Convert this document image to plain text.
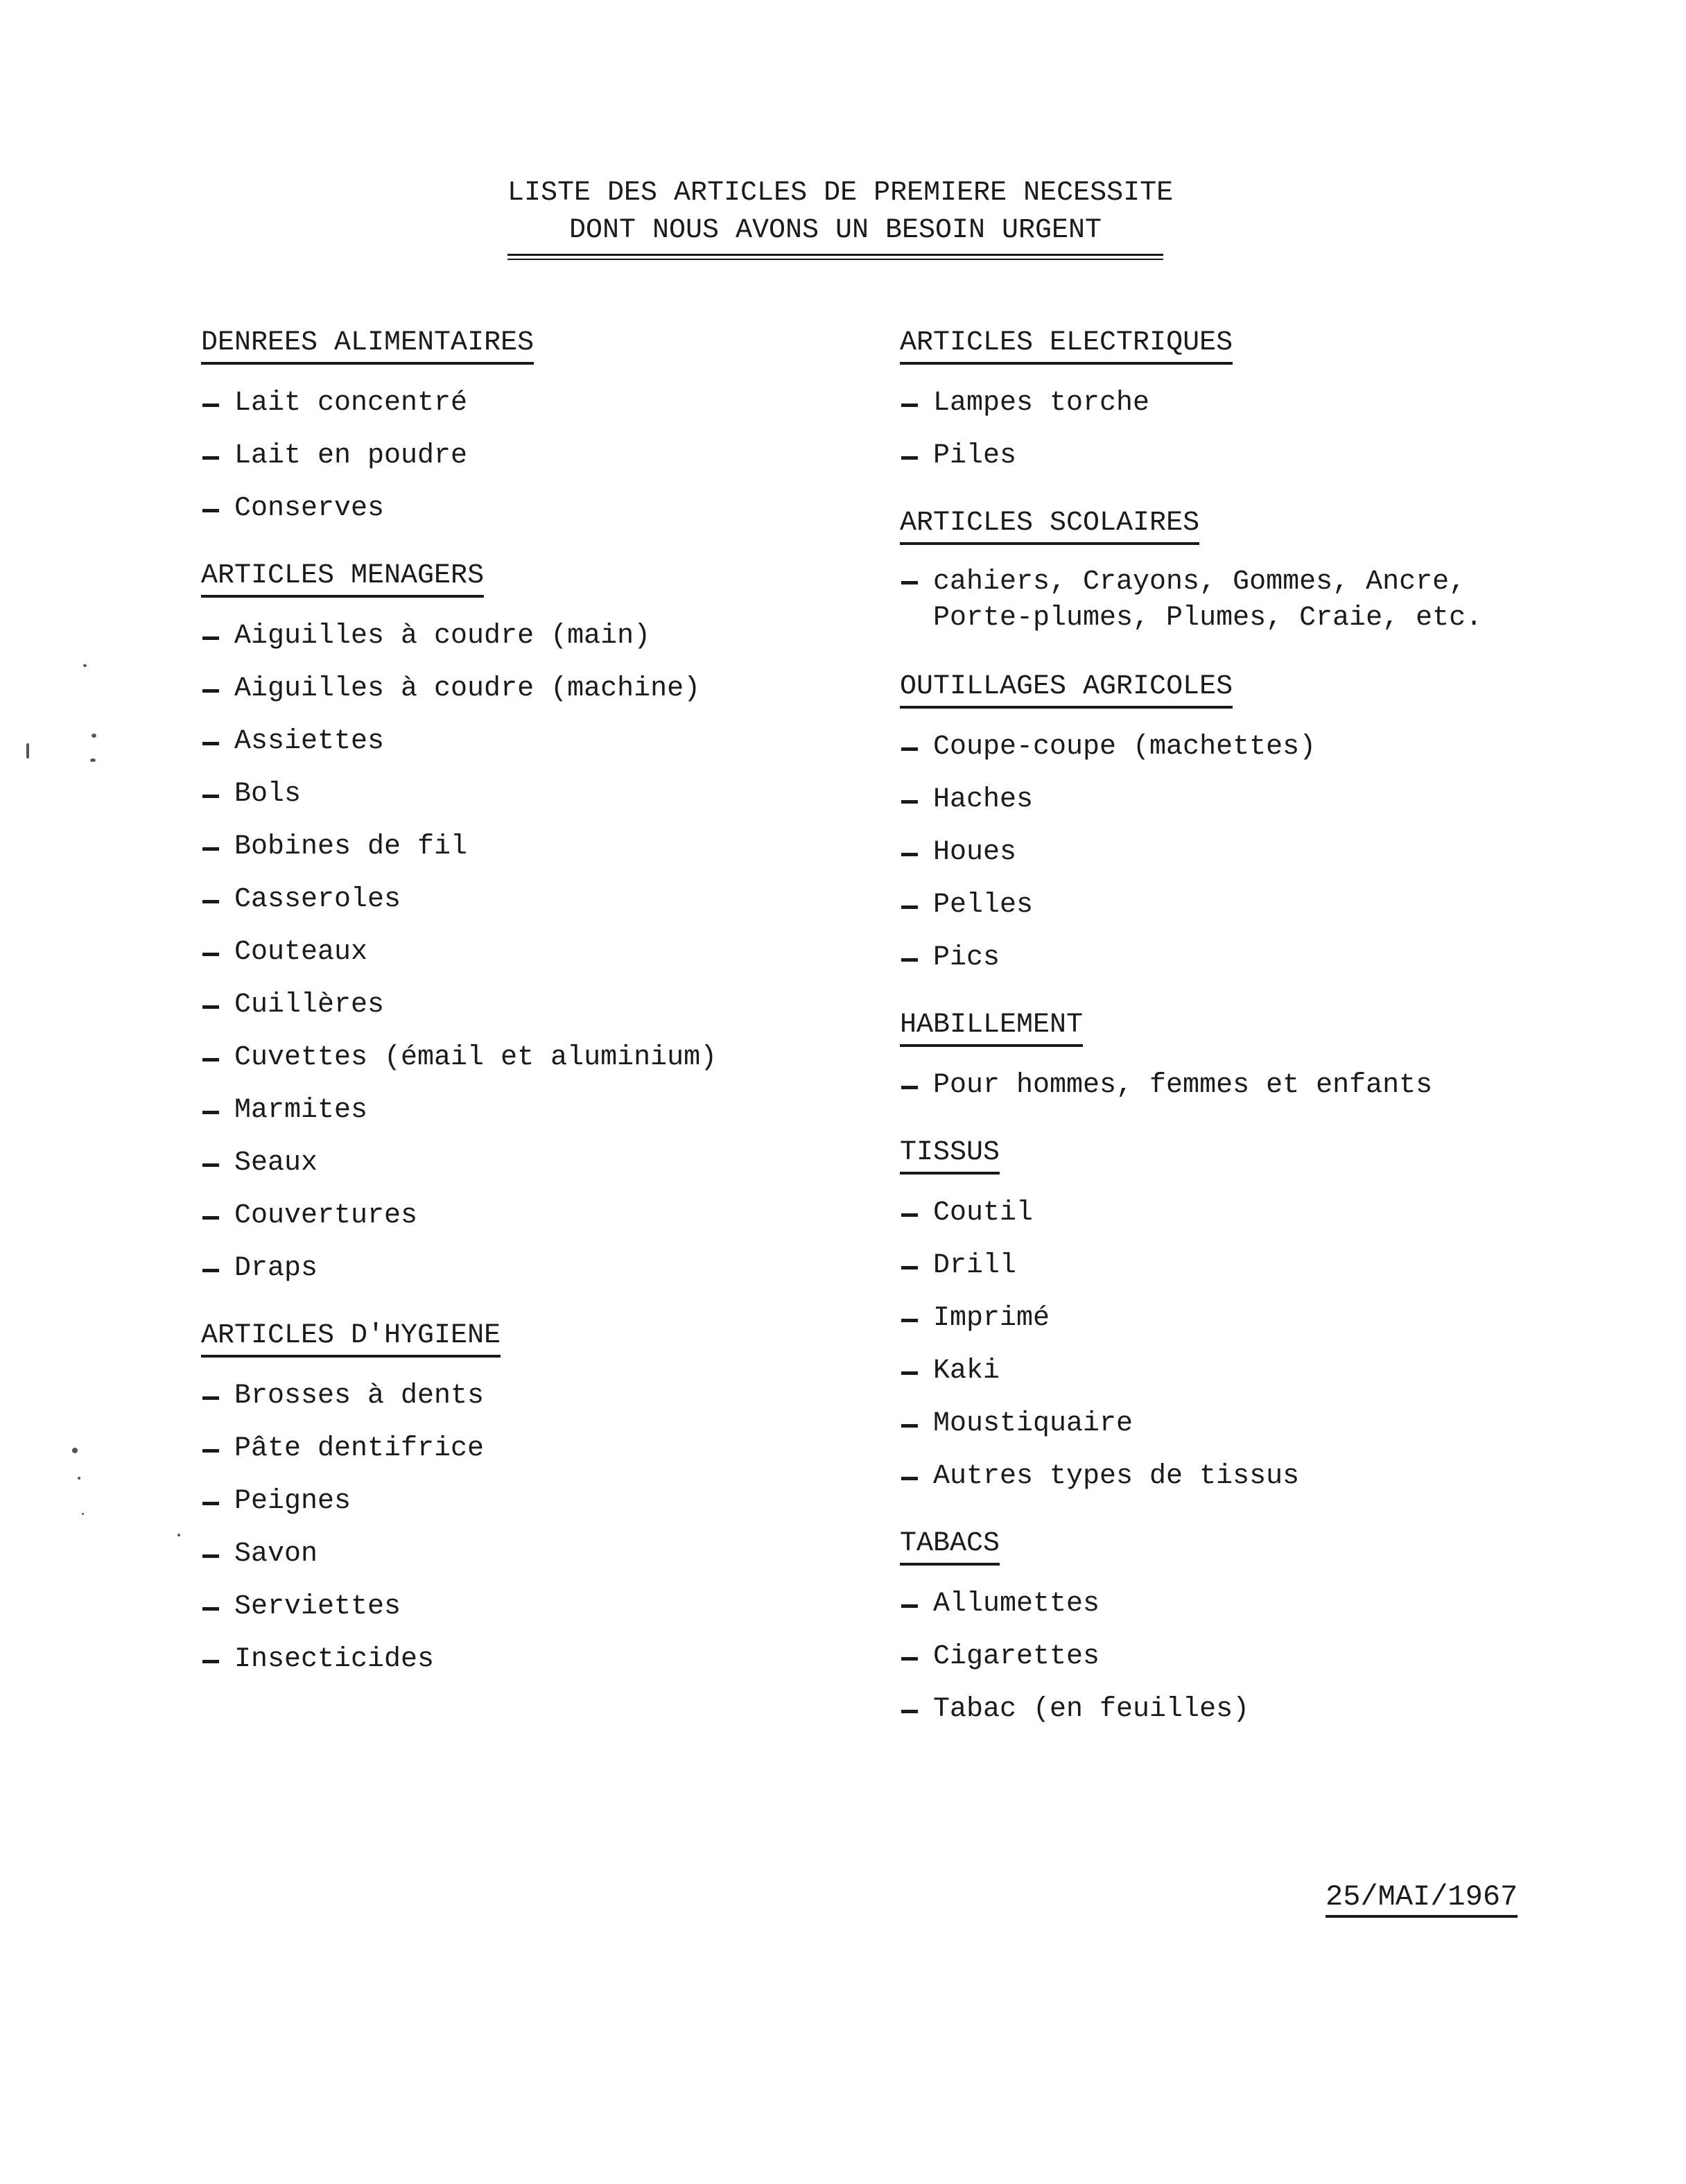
LISTE DES ARTICLES DE PREMIERE NECESSITE
DONT NOUS AVONS UN BESOIN URGENT
DENREES ALIMENTAIRES
Lait concentré
Lait en poudre
Conserves
ARTICLES MENAGERS
Aiguilles à coudre (main)
Aiguilles à coudre (machine)
Assiettes
Bols
Bobines de fil
Casseroles
Couteaux
Cuillères
Cuvettes (émail et aluminium)
Marmites
Seaux
Couvertures
Draps
ARTICLES D'HYGIENE
Brosses à dents
Pâte dentifrice
Peignes
Savon
Serviettes
Insecticides
ARTICLES ELECTRIQUES
Lampes torche
Piles
ARTICLES SCOLAIRES
cahiers, Crayons, Gommes, Ancre,
Porte-plumes, Plumes, Craie, etc.
OUTILLAGES AGRICOLES
Coupe-coupe (machettes)
Haches
Houes
Pelles
Pics
HABILLEMENT
Pour hommes, femmes et enfants
TISSUS
Coutil
Drill
Imprimé
Kaki
Moustiquaire
Autres types de tissus
TABACS
Allumettes
Cigarettes
Tabac (en feuilles)
25/MAI/1967
